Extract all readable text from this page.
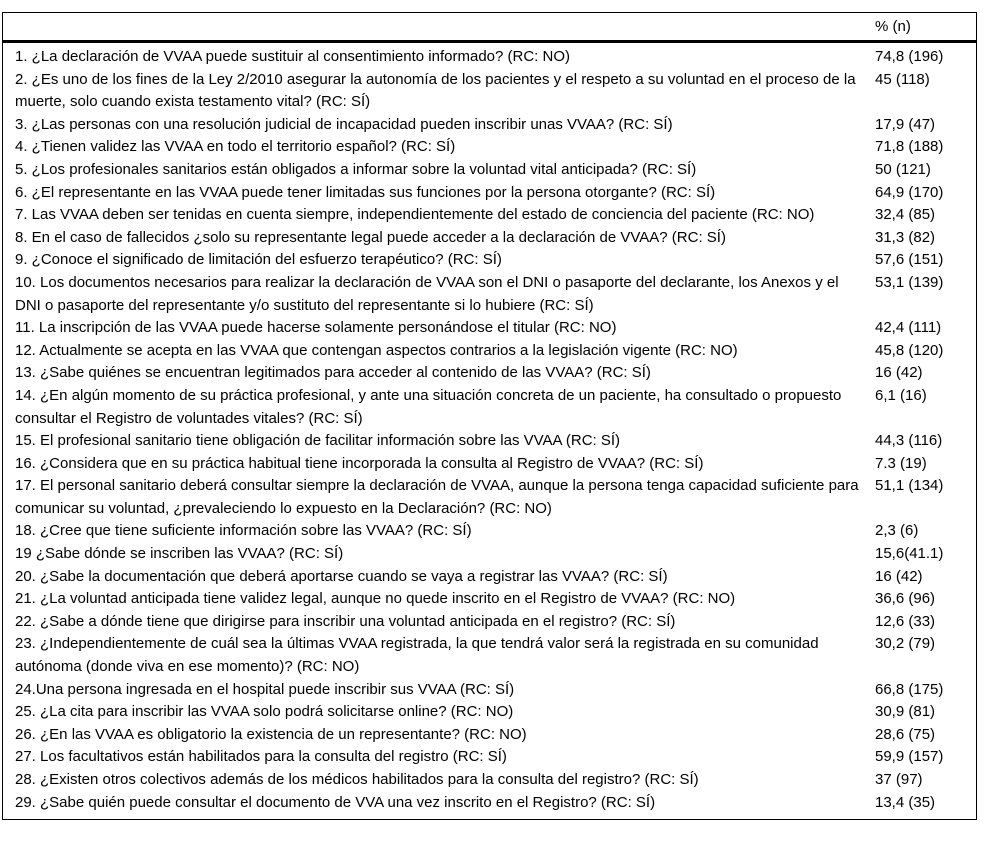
% (n)
1. ¿La declaración de VVAA puede sustituir al consentimiento informado? (RC: NO)	74,8 (196)
2. ¿Es uno de los fines de la Ley 2/2010 asegurar la autonomía de los pacientes y el respeto a su voluntad en el proceso de la muerte, solo cuando exista testamento vital? (RC: SÍ)
45 (118)
3. ¿Las personas con una resolución judicial de incapacidad pueden inscribir unas VVAA? (RC: SÍ)	17,9 (47)
4. ¿Tienen validez las VVAA en todo el territorio español? (RC: SÍ)	71,8 (188)
5. ¿Los profesionales sanitarios están obligados a informar sobre la voluntad vital anticipada? (RC: SÍ)	50 (121)
6. ¿El representante en las VVAA puede tener limitadas sus funciones por la persona otorgante? (RC: SÍ)	64,9 (170)
7. Las VVAA deben ser tenidas en cuenta siempre, independientemente del estado de conciencia del paciente (RC: NO)	32,4 (85)
8. En el caso de fallecidos ¿solo su representante legal puede acceder a la declaración de VVAA? (RC: SÍ)	31,3 (82)
9. ¿Conoce el significado de limitación del esfuerzo terapéutico? (RC: SÍ)	57,6 (151)
10. Los documentos necesarios para realizar la declaración de VVAA son el DNI o pasaporte del declarante, los Anexos y el DNI o pasaporte del representante y/o sustituto del representante si lo hubiere (RC: SÍ)
53,1 (139)
11. La inscripción de las VVAA puede hacerse solamente personándose el titular (RC: NO)	42,4 (111)
12. Actualmente se acepta en las VVAA que contengan aspectos contrarios a la legislación vigente (RC: NO)	45,8 (120)
13. ¿Sabe quiénes se encuentran legitimados para acceder al contenido de las VVAA? (RC: SÍ)	16 (42)
14. ¿En algún momento de su práctica profesional, y ante una situación concreta de un paciente, ha consultado o propuesto consultar el Registro de voluntades vitales? (RC: SÍ)
6,1 (16)
15. El profesional sanitario tiene obligación de facilitar información sobre las VVAA (RC: SÍ)	44,3 (116)
16. ¿Considera que en su práctica habitual tiene incorporada la consulta al Registro de VVAA? (RC: SÍ)	7.3 (19)
17. El personal sanitario deberá consultar siempre la declaración de VVAA, aunque la persona tenga capacidad suficiente para comunicar su voluntad, ¿prevaleciendo lo expuesto en la Declaración? (RC: NO)
51,1 (134)
18. ¿Cree que tiene suficiente información sobre las VVAA? (RC: SÍ)	2,3 (6)
19 ¿Sabe dónde se inscriben las VVAA? (RC: SÍ)	15,6(41.1)
20. ¿Sabe la documentación que deberá aportarse cuando se vaya a registrar las VVAA? (RC: SÍ)	16 (42)
21. ¿La voluntad anticipada tiene validez legal, aunque no quede inscrito en el Registro de VVAA? (RC: NO)	36,6 (96)
22. ¿Sabe a dónde tiene que dirigirse para inscribir una voluntad anticipada en el registro? (RC: SÍ)	12,6 (33)
23. ¿Independientemente de cuál sea la últimas VVAA registrada, la que tendrá valor será la registrada en su comunidad autónoma (donde viva en ese momento)? (RC: NO)
30,2 (79)
24.Una persona ingresada en el hospital puede inscribir sus VVAA (RC: SÍ)	66,8 (175)
25. ¿La cita para inscribir las VVAA solo podrá solicitarse online? (RC: NO)	30,9 (81)
26. ¿En las VVAA es obligatorio la existencia de un representante? (RC: NO)	28,6 (75)
27. Los facultativos están habilitados para la consulta del registro (RC: SÍ)	59,9 (157)
28. ¿Existen otros colectivos además de los médicos habilitados para la consulta del registro? (RC: SÍ)	37 (97)
29. ¿Sabe quién puede consultar el documento de VVA una vez inscrito en el Registro? (RC: SÍ)	13,4 (35)
